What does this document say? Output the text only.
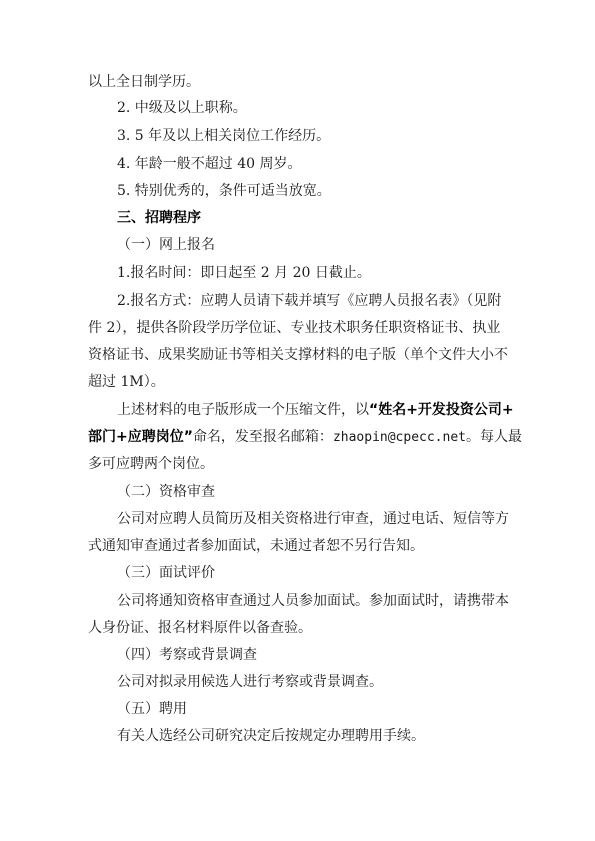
以上全日制学历。
2. 中级及以上职称。
3. 5 年及以上相关岗位工作经历。
4. 年龄一般不超过 40 周岁。
5. 特别优秀的，条件可适当放宽。
三、招聘程序
（一）网上报名
1.报名时间：即日起至 2 月 20 日截止。
2.报名方式：应聘人员请下载并填写《应聘人员报名表》（见附
件 2），提供各阶段学历学位证、专业技术职务任职资格证书、执业
资格证书、成果奖励证书等相关支撑材料的电子版（单个文件大小不
超过 1M）。
上述材料的电子版形成一个压缩文件，以“姓名+开发投资公司+
部门+应聘岗位”命名，发至报名邮箱：zhaopin@cpecc.net。每人最
多可应聘两个岗位。
（二）资格审查
公司对应聘人员简历及相关资格进行审查，通过电话、短信等方
式通知审查通过者参加面试，未通过者恕不另行告知。
（三）面试评价
公司将通知资格审查通过人员参加面试。参加面试时，请携带本
人身份证、报名材料原件以备查验。
（四）考察或背景调查
公司对拟录用候选人进行考察或背景调查。
（五）聘用
有关人选经公司研究决定后按规定办理聘用手续。
